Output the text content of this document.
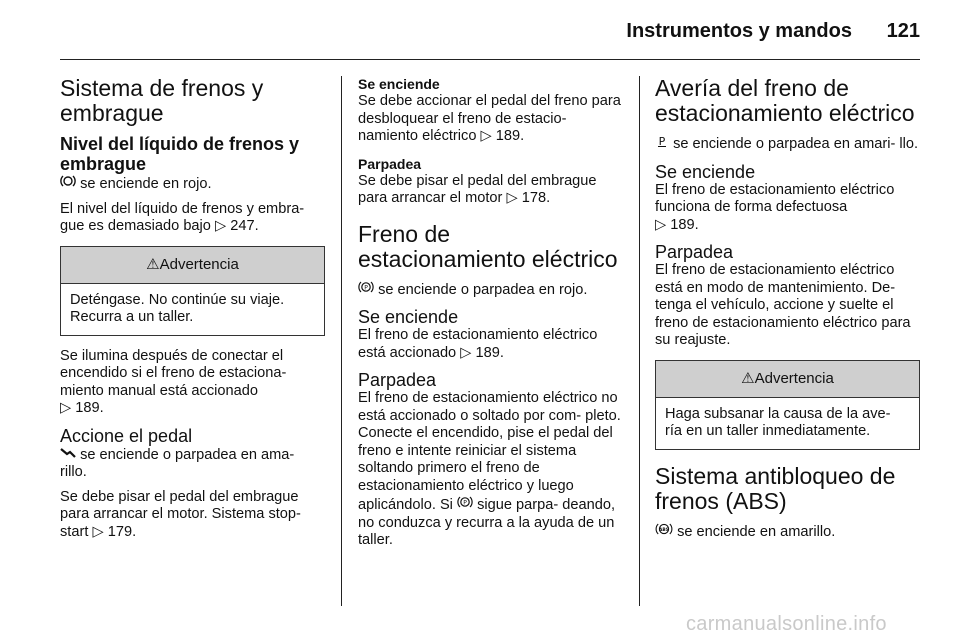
Instrumentos y mandos 121
Sistema de frenos y embrague
Nivel del líquido de frenos y embrague

se enciende en rojo.

El nivel del líquido de frenos y embra- gue es demasiado bajo ▷ 247.

⚠Advertencia

Deténgase. No continúe su viaje. Recurra a un taller.

Se ilumina después de conectar el encendido si el freno de estaciona- miento manual está accionado
▷ 189.

Accione el pedal

se enciende o parpadea en ama- rillo.

Se debe pisar el pedal del embrague para arrancar el motor. Sistema stop- start ▷ 179.

Se enciende

Se debe accionar el pedal del freno para desbloquear el freno de estacio- namiento eléctrico ▷ 189.

Parpadea

Se debe pisar el pedal del embrague para arrancar el motor ▷ 178.

Freno de estacionamiento eléctrico

P se enciende o parpadea en rojo.

Se enciende

El freno de estacionamiento eléctrico está accionado ▷ 189.

Parpadea

El freno de estacionamiento eléctrico no está accionado o soltado por com- pleto. Conecte el encendido, pise el pedal del freno e intente reiniciar el sistema soltando primero el freno de estacionamiento eléctrico y luego aplicándolo. Si P sigue parpa- deando, no conduzca y recurra a la ayuda de un taller.

Avería del freno de estacionamiento eléctrico

P se enciende o parpadea en amari- llo.

Se enciende

El freno de estacionamiento eléctrico funciona de forma defectuosa
▷ 189.

Parpadea

El freno de estacionamiento eléctrico está en modo de mantenimiento. De- tenga el vehículo, accione y suelte el freno de estacionamiento eléctrico para su reajuste.

⚠Advertencia

Haga subsanar la causa de la ave- ría en un taller inmediatamente.

Sistema antibloqueo de frenos (ABS)

ABS se enciende en amarillo.

carmanualsonline.info
